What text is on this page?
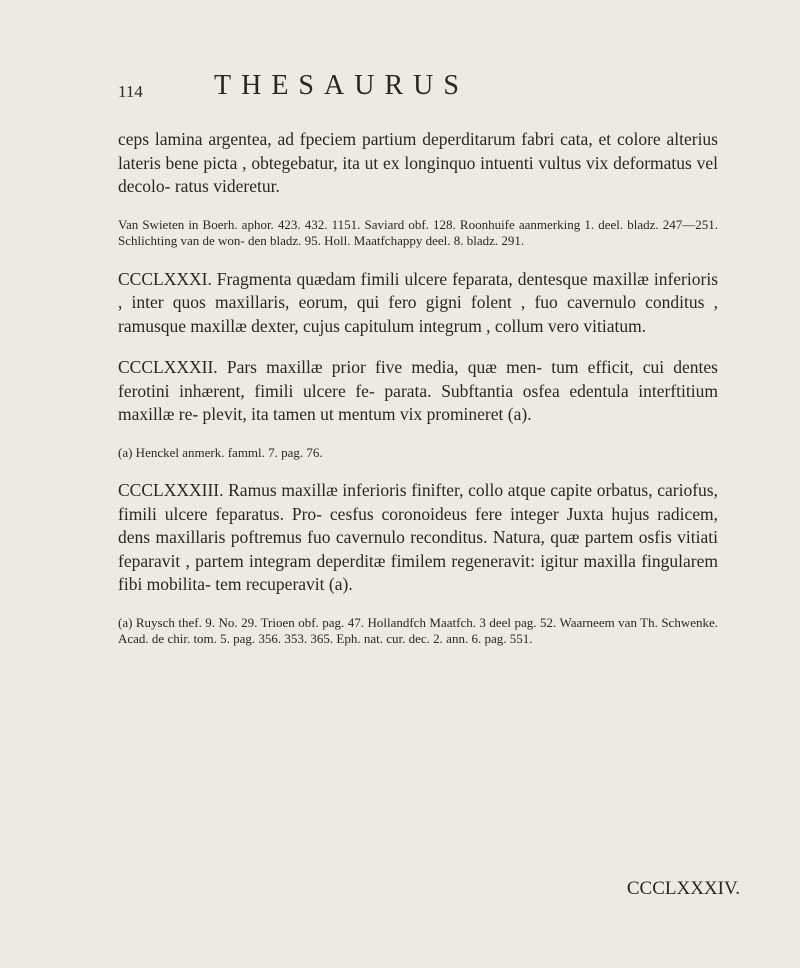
114	THESAURUS

ceps lamina argentea, ad fpeciem partium deperditarum fabri cata, et colore alterius lateris bene picta , obtegebatur, ita ut ex longinquo intuenti vultus vix deformatus vel decolo- ratus videretur.

Van Swieten in Boerh. aphor. 423. 432. 1151. Saviard obf. 128. Roonhuife aanmerking 1. deel. bladz. 247—251. Schlichting van de won- den bladz. 95. Holl. Maatfchappy deel. 8. bladz. 291.

CCCLXXXI. Fragmenta quædam fimili ulcere feparata, dentesque maxillæ inferioris , inter quos maxillaris, eorum, qui fero gigni folent , fuo cavernulo conditus , ramusque maxillæ dexter, cujus capitulum integrum , collum vero vitiatum.

CCCLXXXII. Pars maxillæ prior five media, quæ men- tum efficit, cui dentes ferotini inhærent, fimili ulcere fe- parata. Subftantia osfea edentula interftitium maxillæ re- plevit, ita tamen ut mentum vix promineret (a).

(a) Henckel anmerk. famml. 7. pag. 76.

CCCLXXXIII. Ramus maxillæ inferioris finifter, collo atque capite orbatus, cariofus, fimili ulcere feparatus. Pro- cesfus coronoideus fere integer Juxta hujus radicem, dens maxillaris poftremus fuo cavernulo reconditus. Natura, quæ partem osfis vitiati feparavit , partem integram deperditæ fimilem regeneravit: igitur maxilla fingularem fibi mobilita- tem recuperavit (a).

(a) Ruysch thef. 9. No. 29. Trioen obf. pag. 47. Hollandfch Maatfch. 3 deel pag. 52. Waarneem van Th. Schwenke. Acad. de chir. tom. 5. pag. 356. 353. 365. Eph. nat. cur. dec. 2. ann. 6. pag. 551.

CCCLXXXIV.
